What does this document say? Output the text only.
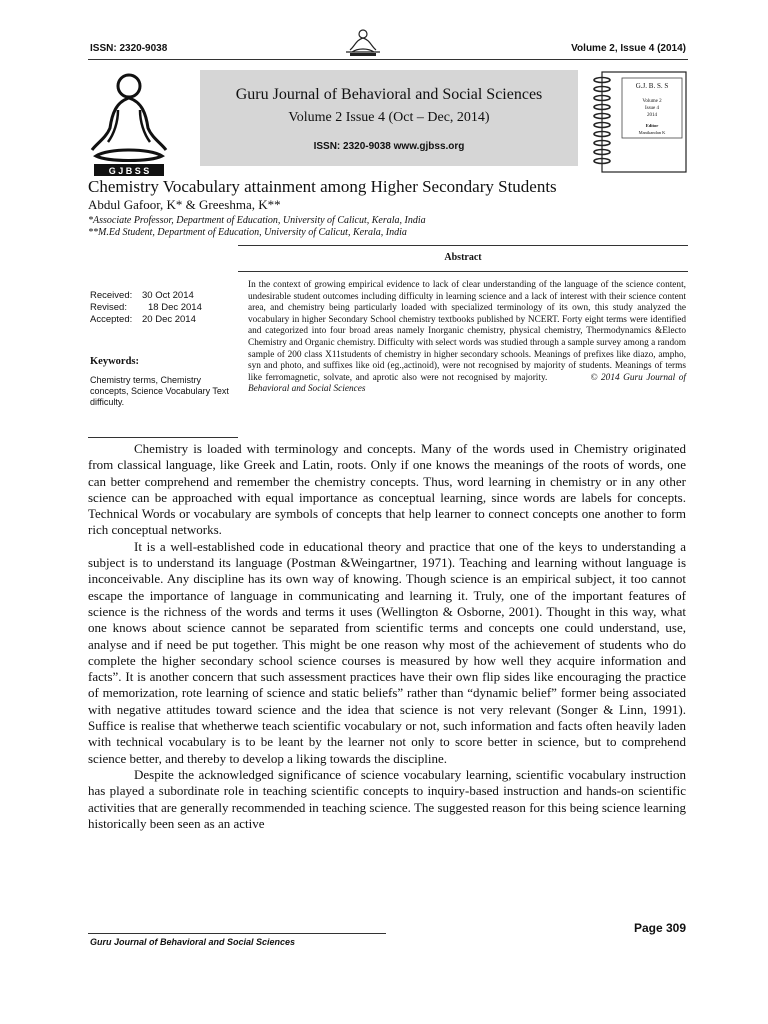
ISSN: 2320-9038	Volume 2, Issue 4 (2014)
G J B S S
Guru Journal of Behavioral and Social Sciences
Volume 2 Issue 4 (Oct – Dec, 2014)
ISSN: 2320-9038 www.gjbss.org
G.J. B. S. S
Volume 2
Issue 4
2014
Editor
Manikandan K
Chemistry Vocabulary attainment among Higher Secondary Students
Abdul Gafoor, K* & Greeshma, K**
*Associate Professor, Department of Education, University of Calicut, Kerala, India
**M.Ed Student, Department of Education, University of Calicut, Kerala, India
Abstract
In the context of growing empirical evidence to lack of clear understanding of the language of the science content, undesirable student outcomes including difficulty in learning science and a lack of interest with their science content area, and chemistry being particularly loaded with specialized terminology of its own, this study analyzed the vocabulary in higher Secondary School chemistry textbooks published by NCERT. Forty eight terms were identified and categorized into four broad areas namely Inorganic chemistry, physical chemistry, Thermodynamics &Electo Chemistry and Organic chemistry. Difficulty with select words was studied through a sample survey among a random sample of 200 class X11students of chemistry in higher secondary schools. Meanings of prefixes like diazo, ampho, syn and photo, and suffixes like oid (eg.,actinoid), were not recognised by majority of students. Meanings of terms like ferromagnetic, solvate, and aprotic also were not recognised by majority.	© 2014 Guru Journal of Behavioral and Social Sciences
Received: 30 Oct 2014
Revised: 18 Dec 2014
Accepted: 20 Dec 2014
Keywords:
Chemistry terms, Chemistry concepts, Science Vocabulary Text difficulty.

Chemistry is loaded with terminology and concepts. Many of the words used in Chemistry originated from classical language, like Greek and Latin, roots. Only if one knows the meanings of the roots of words, one can better comprehend and remember the chemistry concepts. Thus, word learning in chemistry or in any other science can be approached with equal importance as conceptual learning, since words are labels for concepts. Technical Words or vocabulary are symbols of concepts that help learner to connect concepts one another to form rich conceptual networks.

It is a well-established code in educational theory and practice that one of the keys to understanding a subject is to understand its language (Postman &Weingartner, 1971). Teaching and learning without language is inconceivable. Any discipline has its own way of knowing. Though science is an empirical subject, it too cannot escape the importance of language in communicating and learning it. Truly, one of the important features of science is the richness of the words and terms it uses (Wellington & Osborne, 2001). Thought in this way, what one knows about science cannot be separated from scientific terms and concepts one could understand, use, analyse and if need be put together. This might be one reason why most of the achievement of students who do complete the higher secondary school science courses is measured by how well they acquire information and facts”. It is another concern that such assessment practices have their own flip sides like encouraging the practice of memorization, rote learning of science and static beliefs” rather than “dynamic belief” former being associated with negative attitudes toward science and the idea that science is not very relevant (Songer & Linn, 1991). Suffice is realise that whetherwe teach scientific vocabulary or not, such information and facts often heavily laden with technical vocabulary is to be leant by the learner not only to score better in science, but to comprehend science better, and thereby to develop a liking towards the discipline.

Despite the acknowledged significance of science vocabulary learning, scientific vocabulary instruction has played a subordinate role in teaching scientific concepts to inquiry-based instruction and hands-on scientific activities that are generally recommended in teaching science. The suggested reason for this being science learning historically been seen as an active

Page 309
Guru Journal of Behavioral and Social Sciences
